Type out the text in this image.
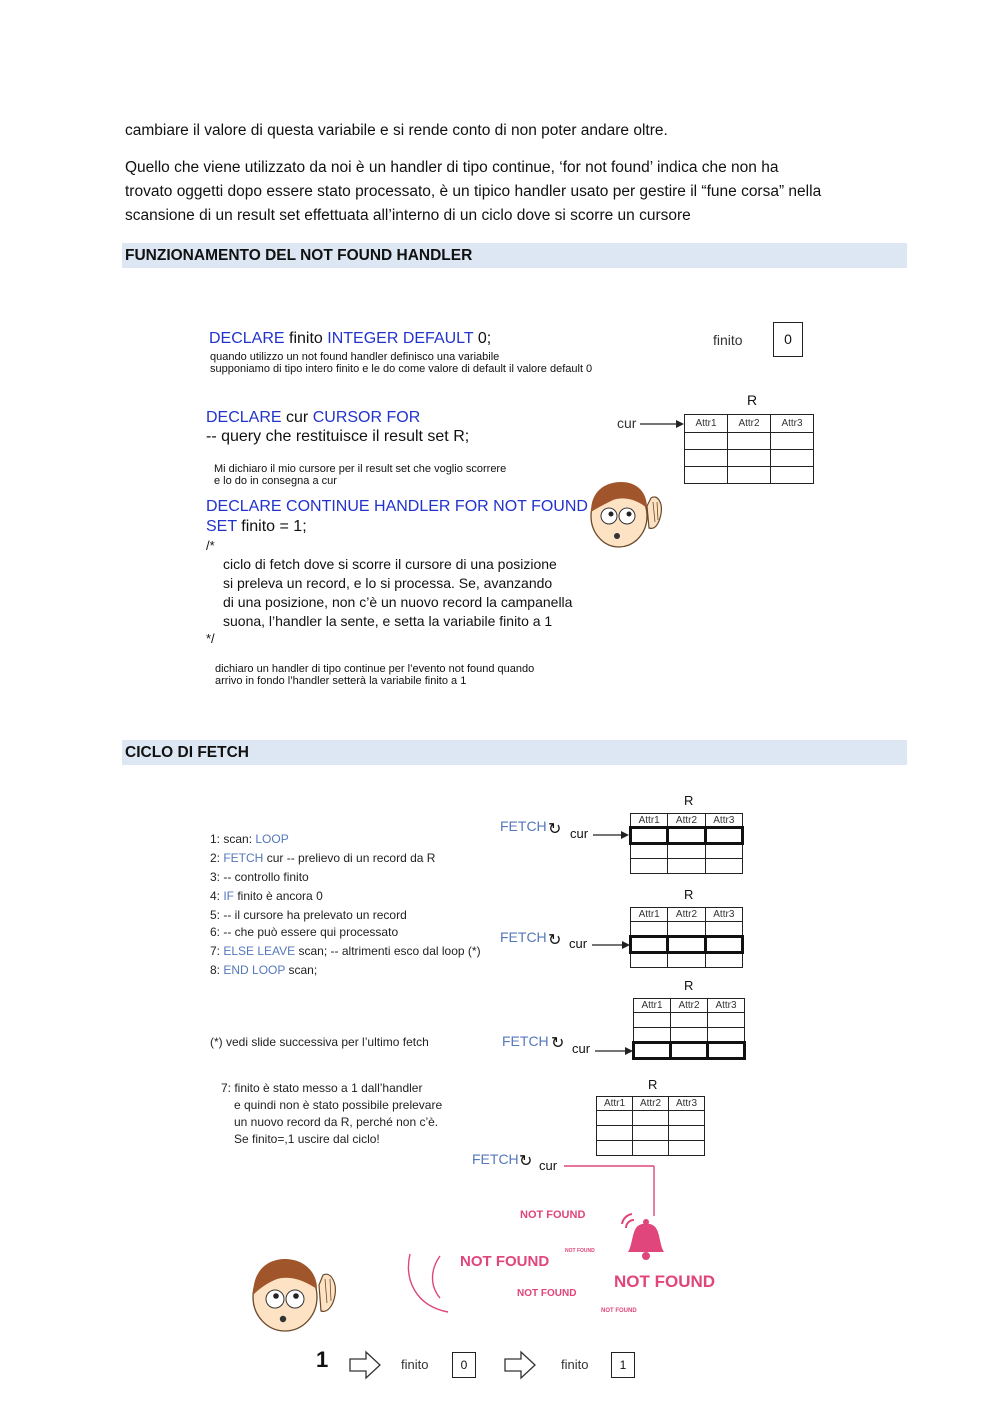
cambiare il valore di questa variabile e si rende conto di non poter andare oltre.
Quello che viene utilizzato da noi è un handler di tipo continue, ‘for not found’ indica che non ha
trovato oggetti dopo essere stato processato, è un tipico handler usato per gestire il “fune corsa” nella
scansione di un result set effettuata all’interno di un ciclo dove si scorre un cursore
FUNZIONAMENTO DEL NOT FOUND HANDLER
DECLARE finito INTEGER DEFAULT 0;
quando utilizzo un not found handler definisco una variabile
supponiamo di tipo intero finito e le do come valore di default il valore default 0
DECLARE cur CURSOR FOR
-- query che restituisce il result set R;
Mi dichiaro il mio cursore per il result set che voglio scorrere
e lo do in consegna a cur
DECLARE CONTINUE HANDLER FOR NOT FOUND
SET finito = 1;
/*
ciclo di fetch dove si scorre il cursore di una posizione
si preleva un record, e lo si processa. Se, avanzando
di una posizione, non c’è un nuovo record la campanella
suona, l’handler la sente, e setta la variabile finito a 1
*/
dichiaro un handler di tipo continue per l’evento not found quando
arrivo in fondo l’handler setterà la variabile finito a 1
finito	0
R
cur	Attr1	Attr2	Attr3

CICLO DI FETCH
1: scan: LOOP
2: FETCH cur -- prelievo di un record da R
3: -- controllo finito
4: IF finito è ancora 0
5: -- il cursore ha prelevato un record
6: -- che può essere qui processato
7: ELSE LEAVE scan; -- altrimenti esco dal loop (*)
8: END LOOP scan;
(*) vedi slide successiva per l’ultimo fetch
7: finito è stato messo a 1 dall’handler
e quindi non è stato possibile prelevare
un nuovo record da R, perché non c’è.
Se finito=,1 uscire dal ciclo!
R
FETCH ↻ cur
Attr1	Attr2	Attr3

R
FETCH ↻ cur
Attr1	Attr2	Attr3

R
FETCH ↻ cur
Attr1	Attr2	Attr3

R
FETCH ↻ cur
Attr1	Attr2	Attr3

NOT FOUND
NOT FOUND
NOT FOUND
NOT FOUND
NOT FOUND
NOT FOUND
1	finito	0	finito	1
